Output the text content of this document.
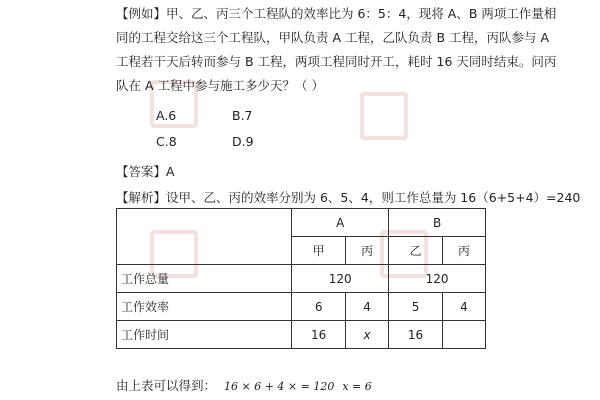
【例如】甲、乙、丙三个工程队的效率比为 6：5：4，现将 A、B 两项工作量相
同的工程交给这三个工程队，甲队负责 A 工程，乙队负责 B 工程，丙队参与 A
工程若干天后转而参与 B 工程，两项工程同时开工，耗时 16 天同时结束。问丙
队在 A 工程中参与施工多少天？（ ）
A.6	B.7
C.8	D.9
【答案】A
【解析】设甲、乙、丙的效率分别为 6、5、4，则工作总量为 16（6+5+4）=240
	A		B	
	甲	丙	乙	丙
工作总量	120		120	
工作效率	6	4	5	4
工作时间	16	x	16	
由上表可以得到： 16 × 6 + 4 × = 120 x = 6
